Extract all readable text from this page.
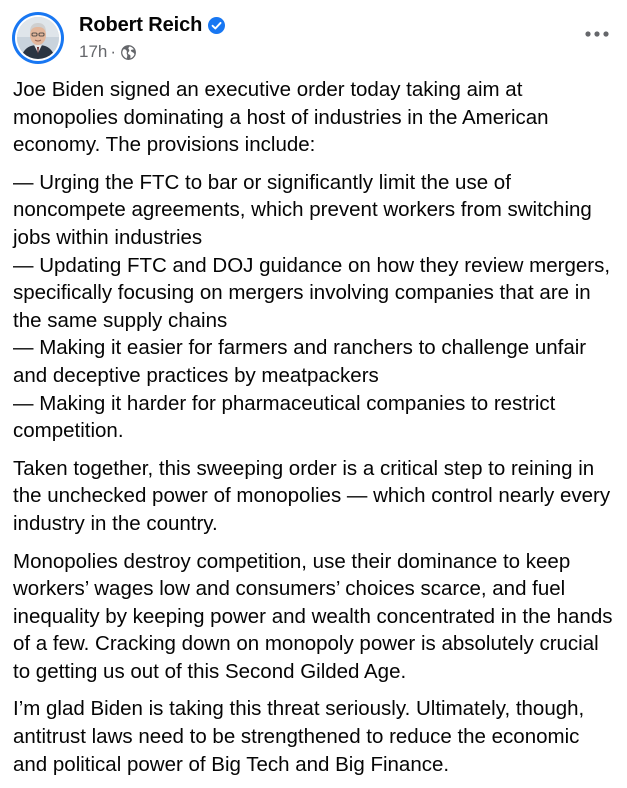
Robert Reich
17h ·

Joe Biden signed an executive order today taking aim at monopolies dominating a host of industries in the American economy. The provisions include:

— Urging the FTC to bar or significantly limit the use of noncompete agreements, which prevent workers from switching jobs within industries
— Updating FTC and DOJ guidance on how they review mergers, specifically focusing on mergers involving companies that are in the same supply chains
— Making it easier for farmers and ranchers to challenge unfair and deceptive practices by meatpackers
— Making it harder for pharmaceutical companies to restrict competition.

Taken together, this sweeping order is a critical step to reining in the unchecked power of monopolies — which control nearly every industry in the country.

Monopolies destroy competition, use their dominance to keep workers’ wages low and consumers’ choices scarce, and fuel inequality by keeping power and wealth concentrated in the hands of a few. Cracking down on monopoly power is absolutely crucial to getting us out of this Second Gilded Age.

I’m glad Biden is taking this threat seriously. Ultimately, though, antitrust laws need to be strengthened to reduce the economic and political power of Big Tech and Big Finance.
